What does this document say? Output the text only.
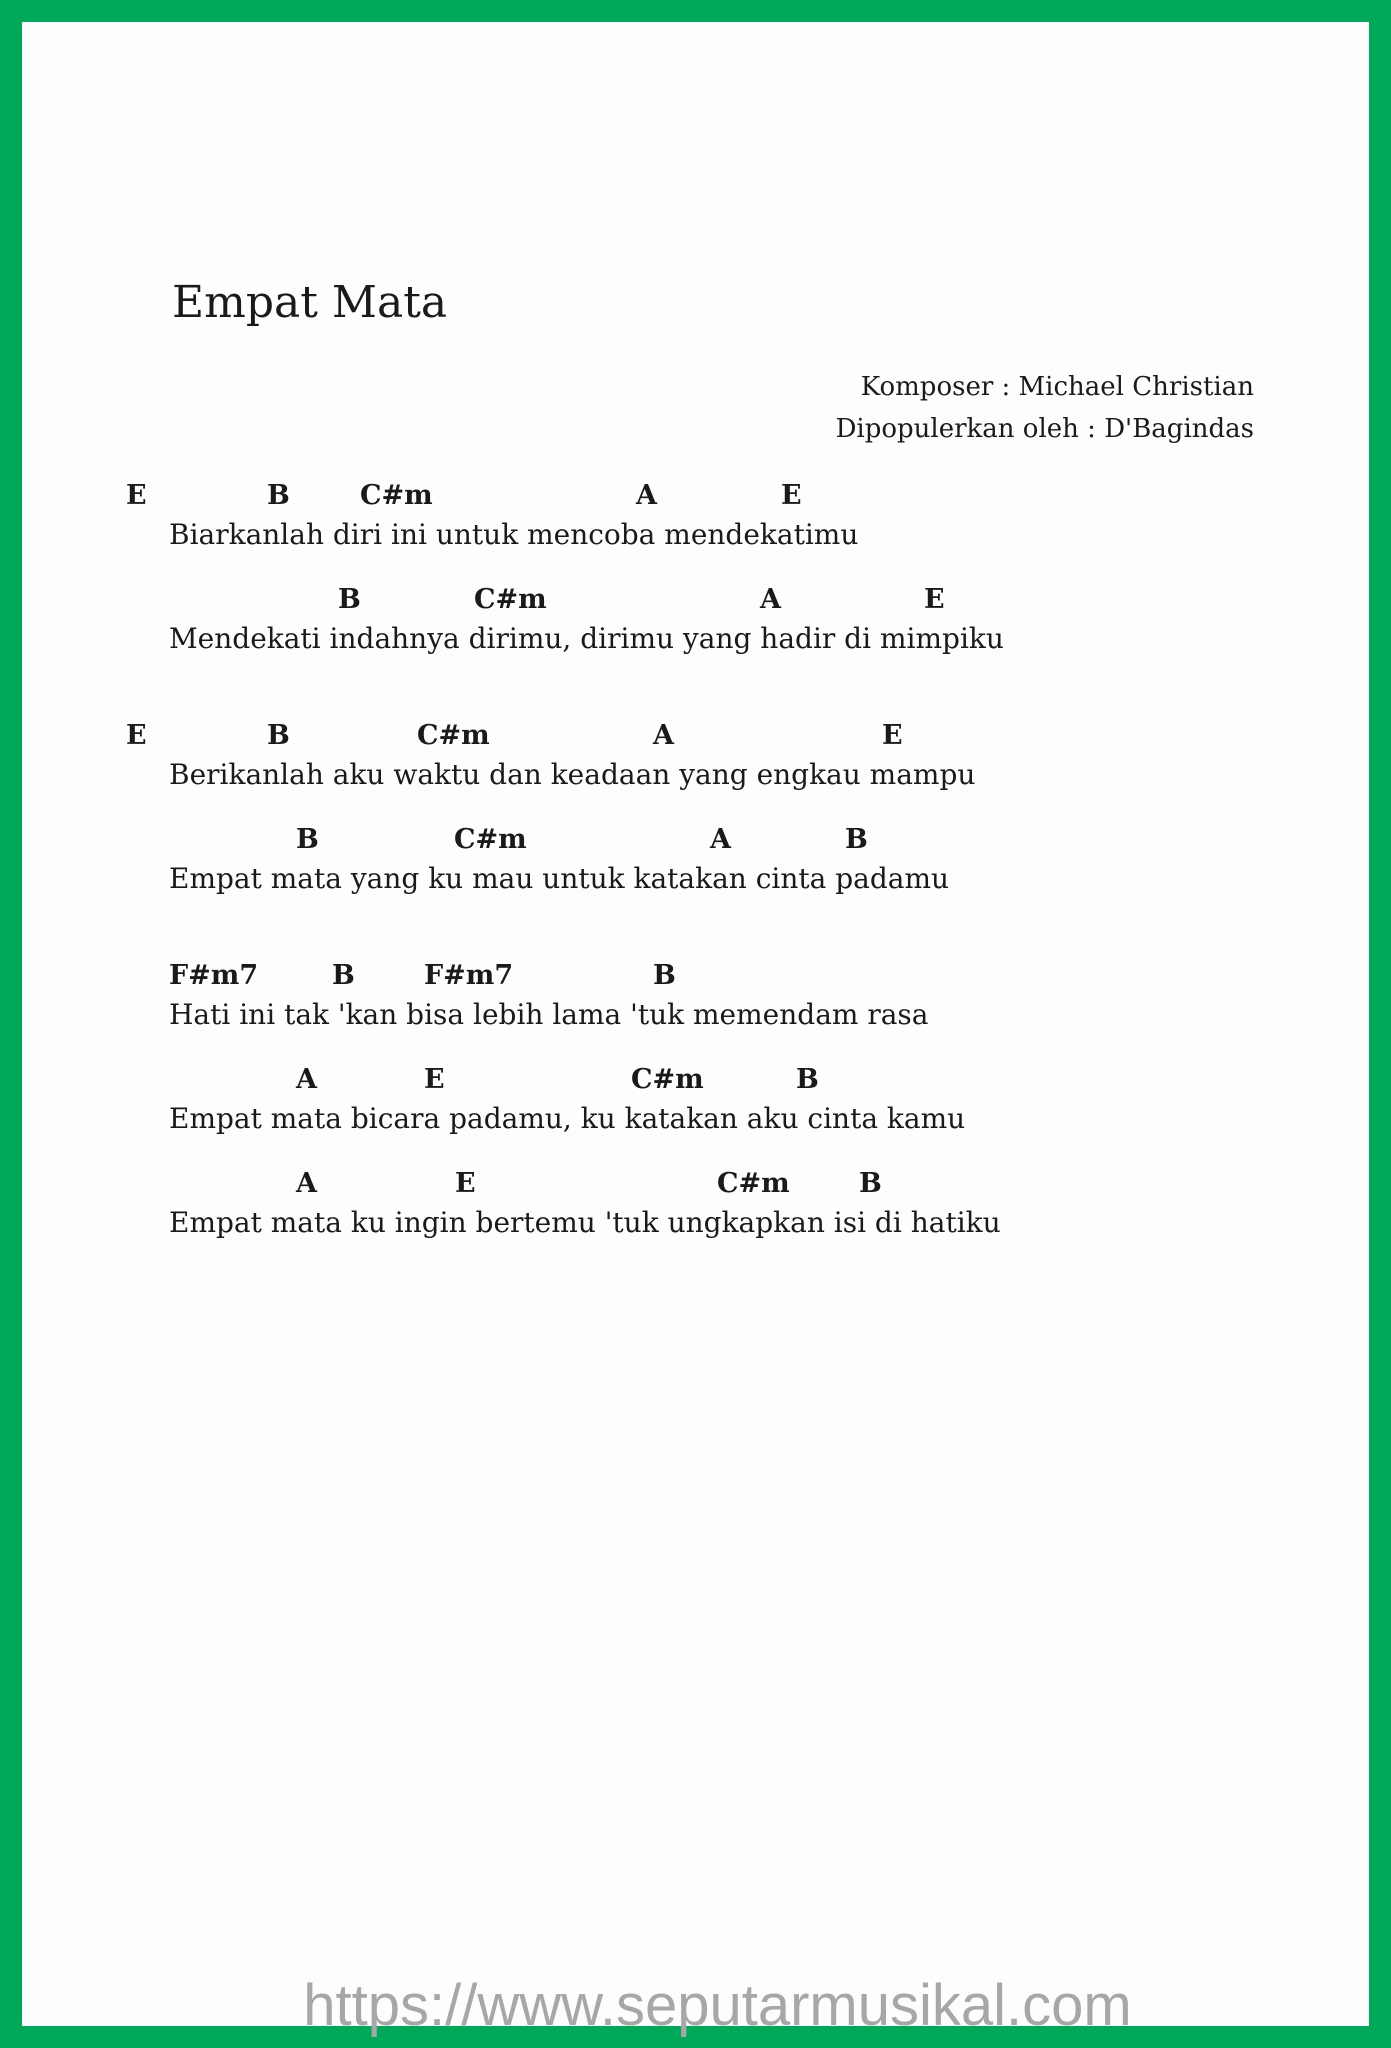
Empat Mata
Komposer : Michael Christian
Dipopulerkan oleh : D'Bagindas
E	B	C#m	A	E
Biarkanlah diri ini untuk mencoba mendekatimu
B	C#m	A	E
Mendekati indahnya dirimu, dirimu yang hadir di mimpiku
E	B	C#m	A	E
Berikanlah aku waktu dan keadaan yang engkau mampu
B	C#m	A	B
Empat mata yang ku mau untuk katakan cinta padamu
F#m7	B	F#m7	B
Hati ini tak 'kan bisa lebih lama 'tuk memendam rasa
A	E	C#m	B
Empat mata bicara padamu, ku katakan aku cinta kamu
A	E	C#m	B
Empat mata ku ingin bertemu 'tuk ungkapkan isi di hatiku
https://www.seputarmusikal.com
